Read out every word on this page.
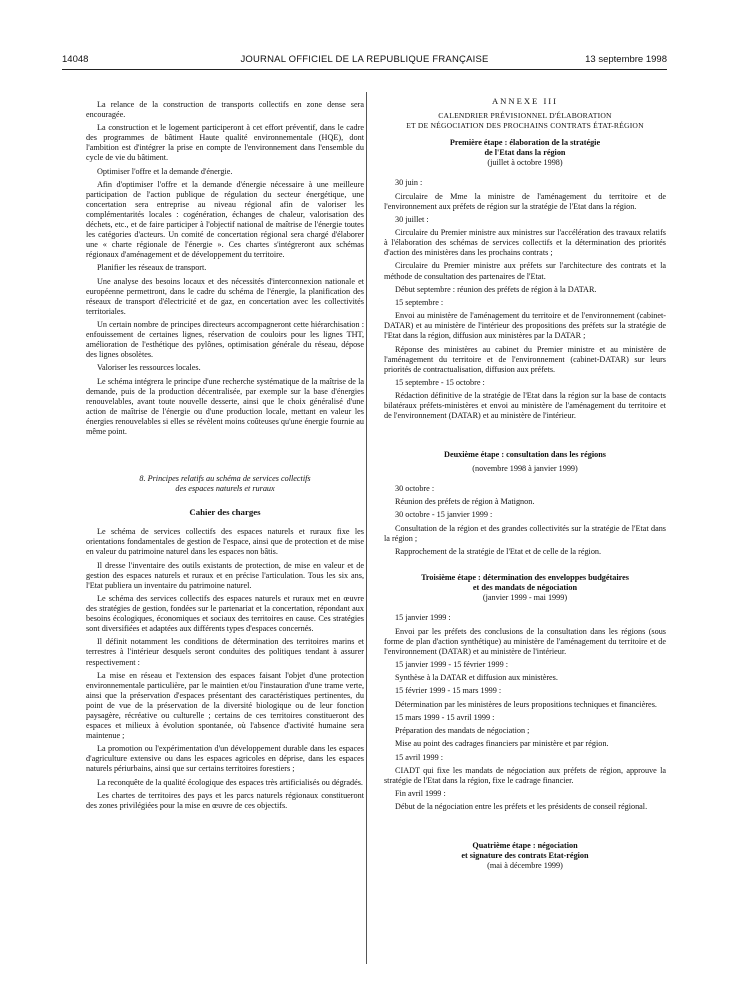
14048	JOURNAL OFFICIEL DE LA REPUBLIQUE FRANÇAISE	13 septembre 1998

La relance de la construction de transports collectifs en zone dense sera encouragée.

La construction et le logement participeront à cet effort préventif, dans le cadre des programmes de bâtiment Haute qualité environnementale (HQE), dont l'ambition est d'intégrer la prise en compte de l'environnement dans l'ensemble du cycle de vie du bâtiment.

Optimiser l'offre et la demande d'énergie.

Afin d'optimiser l'offre et la demande d'énergie nécessaire à une meilleure participation de l'action publique de régulation du secteur énergétique, une concertation sera entreprise au niveau régional afin de valoriser les complémentarités locales : cogénération, échanges de chaleur, valorisation des déchets, etc., et de faire participer à l'objectif national de maîtrise de l'énergie toutes les catégories d'acteurs. Un comité de concertation régional sera chargé d'élaborer une « charte régionale de l'énergie ». Ces chartes s'intégreront aux schémas régionaux d'aménagement et de développement du territoire.

Planifier les réseaux de transport.

Une analyse des besoins locaux et des nécessités d'interconnexion nationale et européenne permettront, dans le cadre du schéma de l'énergie, la planification des réseaux de transport d'électricité et de gaz, en concertation avec les collectivités territoriales.

Un certain nombre de principes directeurs accompagneront cette hiérarchisation : enfouissement de certaines lignes, réservation de couloirs pour les lignes THT, amélioration de l'esthétique des pylônes, optimisation générale du réseau, dépose des lignes obsolètes.

Valoriser les ressources locales.

Le schéma intégrera le principe d'une recherche systématique de la maîtrise de la demande, puis de la production décentralisée, par exemple sur la base d'énergies renouvelables, avant toute nouvelle desserte, ainsi que le choix généralisé d'une action de maîtrise de l'énergie ou d'une production locale, mettant en valeur les énergies renouvelables si elles se révèlent moins coûteuses qu'une énergie fournie au même point.

8. Principes relatifs au schéma de services collectifs
des espaces naturels et ruraux

Cahier des charges

Le schéma de services collectifs des espaces naturels et ruraux fixe les orientations fondamentales de gestion de l'espace, ainsi que de protection et de mise en valeur du patrimoine naturel dans les espaces non bâtis.

Il dresse l'inventaire des outils existants de protection, de mise en valeur et de gestion des espaces naturels et ruraux et en précise l'articulation. Tous les six ans, l'Etat publiera un inventaire du patrimoine naturel.

Le schéma des services collectifs des espaces naturels et ruraux met en œuvre des stratégies de gestion, fondées sur le partenariat et la concertation, répondant aux besoins écologiques, économiques et sociaux des territoires en cause. Ces stratégies sont diversifiées et adaptées aux différents types d'espaces concernés.

Il définit notamment les conditions de détermination des territoires marins et terrestres à l'intérieur desquels seront conduites des politiques tendant à assurer respectivement :

La mise en réseau et l'extension des espaces faisant l'objet d'une protection environnementale particulière, par le maintien et/ou l'instauration d'une trame verte, ainsi que la préservation d'espaces présentant des caractéristiques pertinentes, du point de vue de la préservation de la diversité biologique ou de leur fonction paysagère, récréative ou culturelle ; certains de ces territoires constitueront des espaces et milieux à évolution spontanée, où l'absence d'activité humaine sera maintenue ;

La promotion ou l'expérimentation d'un développement durable dans les espaces d'agriculture extensive ou dans les espaces agricoles en déprise, dans les espaces naturels périurbains, ainsi que sur certains territoires forestiers ;

La reconquête de la qualité écologique des espaces très artificialisés ou dégradés.

Les chartes de territoires des pays et les parcs naturels régionaux constitueront des zones privilégiées pour la mise en œuvre de ces objectifs.

ANNEXE III

CALENDRIER PRÉVISIONNEL D'ÉLABORATION
ET DE NÉGOCIATION DES PROCHAINS CONTRATS ÉTAT-RÉGION
Première étape : élaboration de la stratégie
de l'Etat dans la région

(juillet à octobre 1998)

30 juin :

Circulaire de Mme la ministre de l'aménagement du territoire et de l'environnement aux préfets de région sur la stratégie de l'Etat dans la région.

30 juillet :

Circulaire du Premier ministre aux ministres sur l'accélération des travaux relatifs à l'élaboration des schémas de services collectifs et la détermination des priorités d'action des ministères dans les prochains contrats ;

Circulaire du Premier ministre aux préfets sur l'architecture des contrats et la méthode de consultation des partenaires de l'Etat.

Début septembre : réunion des préfets de région à la DATAR.

15 septembre :

Envoi au ministère de l'aménagement du territoire et de l'environnement (cabinet-DATAR) et au ministère de l'intérieur des propositions des préfets sur la stratégie de l'Etat dans la région, diffusion aux ministères par la DATAR ;

Réponse des ministères au cabinet du Premier ministre et au ministère de l'aménagement du territoire et de l'environnement (cabinet-DATAR) sur leurs priorités de contractualisation, diffusion aux préfets.

15 septembre - 15 octobre :

Rédaction définitive de la stratégie de l'Etat dans la région sur la base de contacts bilatéraux préfets-ministères et envoi au ministère de l'aménagement du territoire et de l'environnement (DATAR) et au ministère de l'intérieur.

Deuxième étape : consultation dans les régions

(novembre 1998 à janvier 1999)

30 octobre :

Réunion des préfets de région à Matignon.

30 octobre - 15 janvier 1999 :

Consultation de la région et des grandes collectivités sur la stratégie de l'Etat dans la région ;

Rapprochement de la stratégie de l'Etat et de celle de la région.

Troisième étape : détermination des enveloppes budgétaires
et des mandats de négociation

(janvier 1999 - mai 1999)

15 janvier 1999 :

Envoi par les préfets des conclusions de la consultation dans les régions (sous forme de plan d'action synthétique) au ministère de l'aménagement du territoire et de l'environnement (DATAR) et au ministère de l'intérieur.

15 janvier 1999 - 15 février 1999 :

Synthèse à la DATAR et diffusion aux ministères.

15 février 1999 - 15 mars 1999 :

Détermination par les ministères de leurs propositions techniques et financières.

15 mars 1999 - 15 avril 1999 :

Préparation des mandats de négociation ;

Mise au point des cadrages financiers par ministère et par région.

15 avril 1999 :

CIADT qui fixe les mandats de négociation aux préfets de région, approuve la stratégie de l'Etat dans la région, fixe le cadrage financier.

Fin avril 1999 :

Début de la négociation entre les préfets et les présidents de conseil régional.

Quatrième étape : négociation
et signature des contrats Etat-région

(mai à décembre 1999)
